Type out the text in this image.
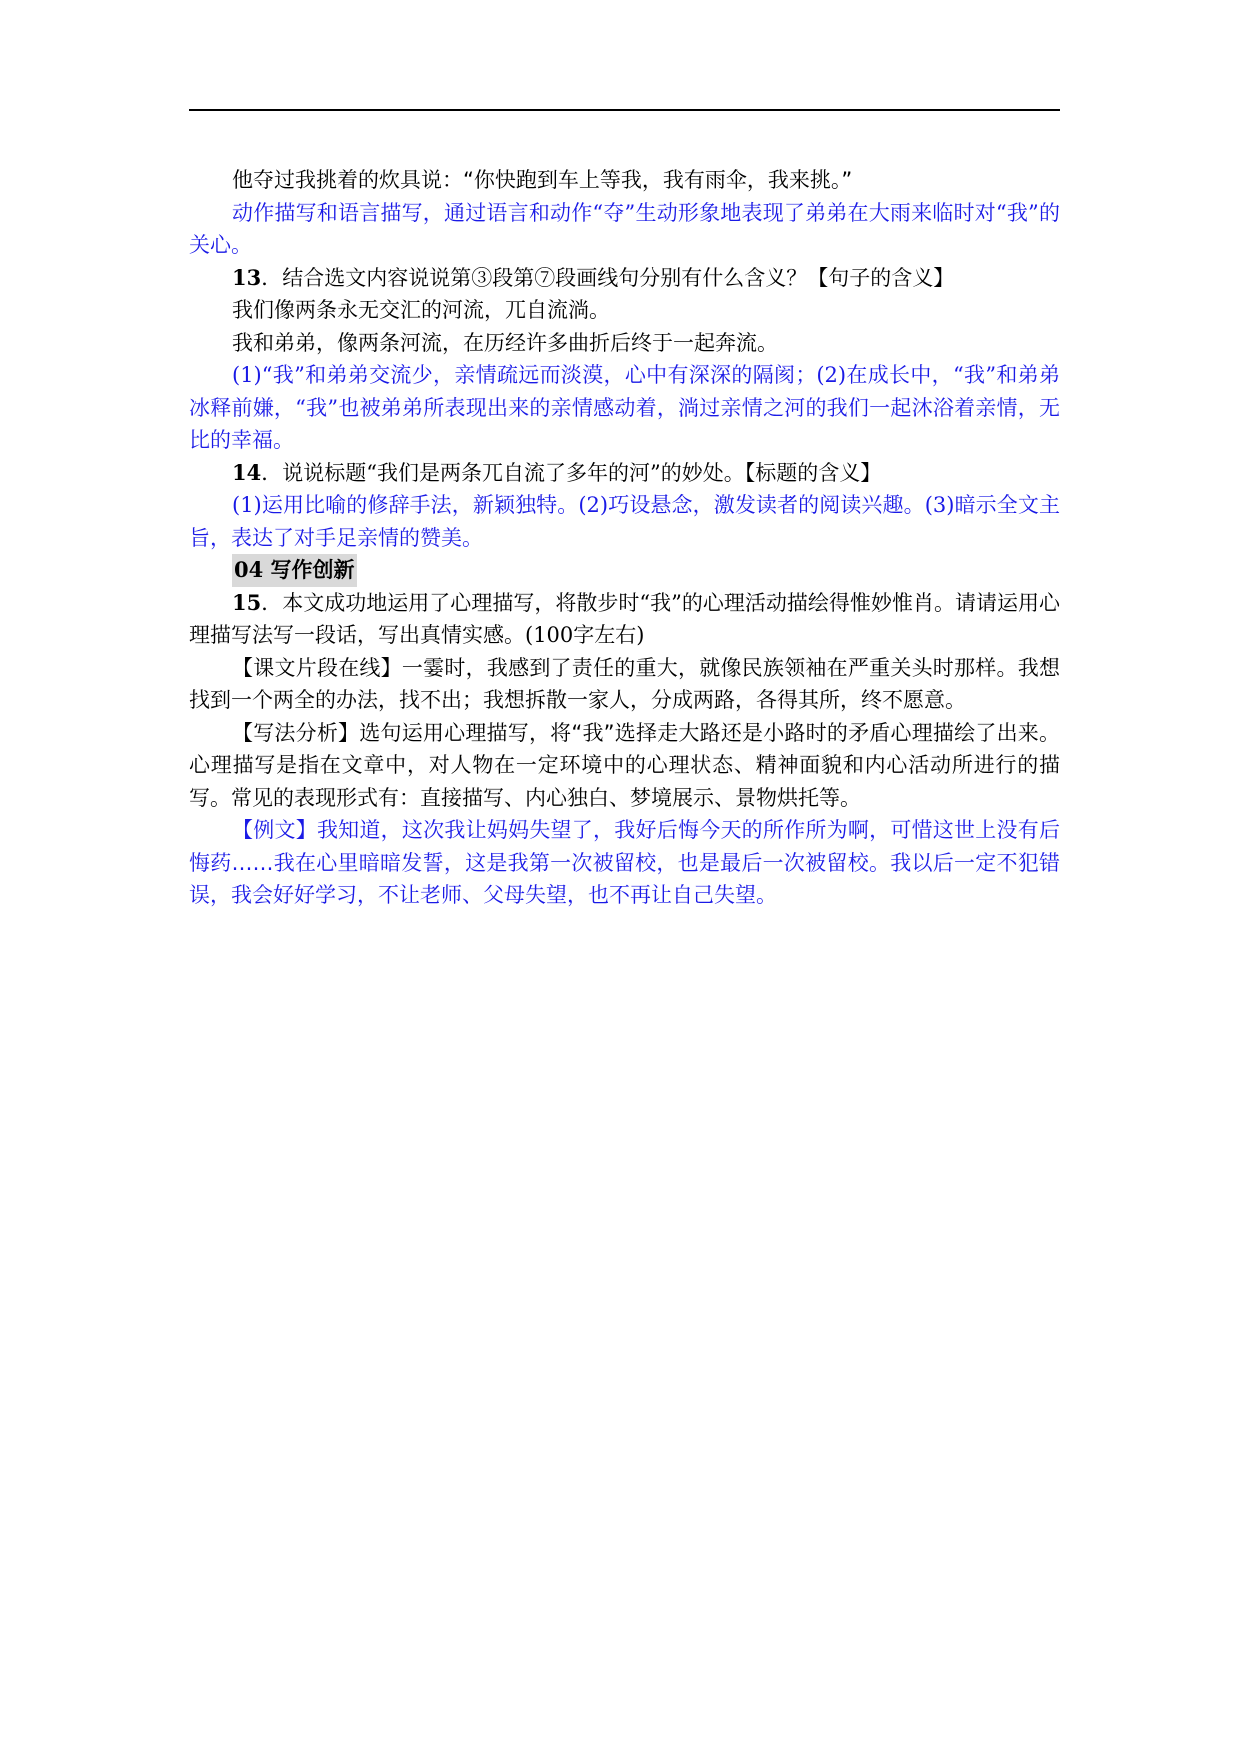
他夺过我挑着的炊具说：“你快跑到车上等我，我有雨伞，我来挑。”

动作描写和语言描写，通过语言和动作“夺”生动形象地表现了弟弟在大雨来临时对“我”的关心。

13．结合选文内容说说第③段第⑦段画线句分别有什么含义？【句子的含义】

我们像两条永无交汇的河流，兀自流淌。

我和弟弟，像两条河流，在历经许多曲折后终于一起奔流。

(1)“我”和弟弟交流少，亲情疏远而淡漠，心中有深深的隔阂；(2)在成长中，“我”和弟弟冰释前嫌，“我”也被弟弟所表现出来的亲情感动着，淌过亲情之河的我们一起沐浴着亲情，无比的幸福。

14．说说标题“我们是两条兀自流了多年的河”的妙处。【标题的含义】

(1)运用比喻的修辞手法，新颖独特。(2)巧设悬念，激发读者的阅读兴趣。(3)暗示全文主旨，表达了对手足亲情的赞美。

04 写作创新

15．本文成功地运用了心理描写，将散步时“我”的心理活动描绘得惟妙惟肖。请请运用心理描写法写一段话，写出真情实感。(100字左右)

【课文片段在线】一霎时，我感到了责任的重大，就像民族领袖在严重关头时那样。我想找到一个两全的办法，找不出；我想拆散一家人，分成两路，各得其所，终不愿意。

【写法分析】选句运用心理描写，将“我”选择走大路还是小路时的矛盾心理描绘了出来。心理描写是指在文章中，对人物在一定环境中的心理状态、精神面貌和内心活动所进行的描写。常见的表现形式有：直接描写、内心独白、梦境展示、景物烘托等。

【例文】我知道，这次我让妈妈失望了，我好后悔今天的所作所为啊，可惜这世上没有后悔药……我在心里暗暗发誓，这是我第一次被留校，也是最后一次被留校。我以后一定不犯错误，我会好好学习，不让老师、父母失望，也不再让自己失望。
